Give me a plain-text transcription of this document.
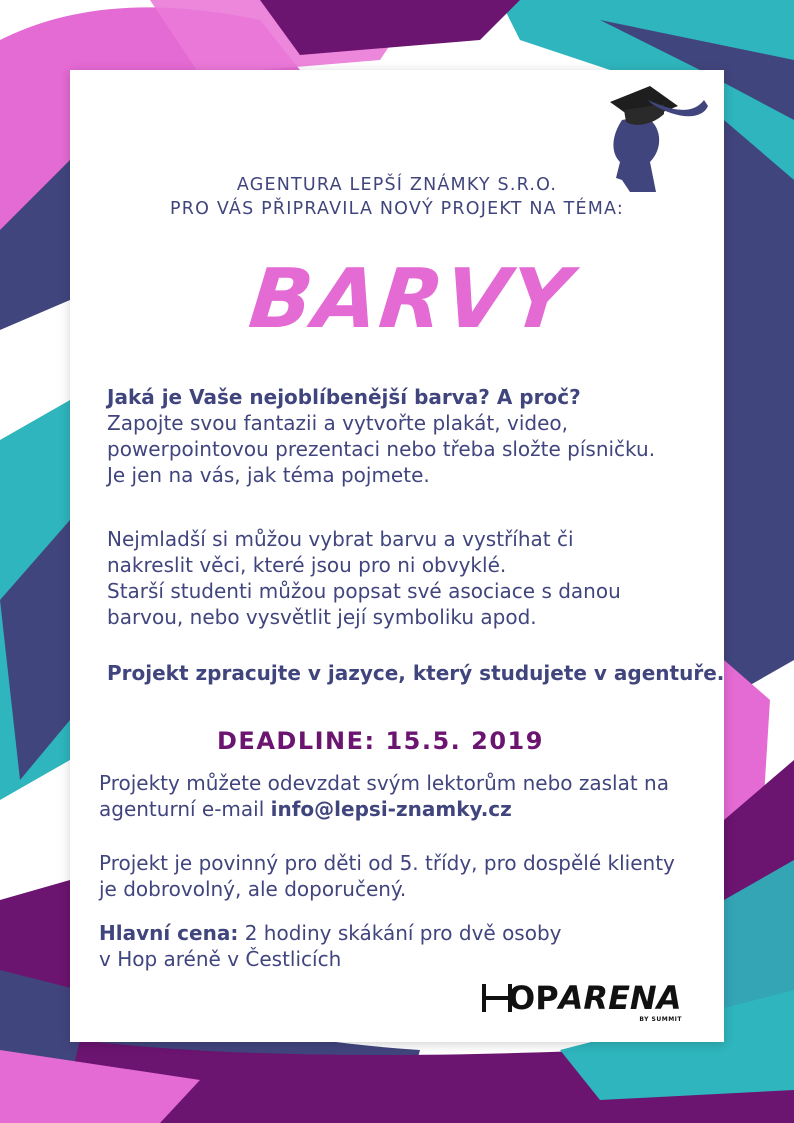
AGENTURA LEPŠÍ ZNÁMKY S.R.O.
PRO VÁS PŘIPRAVILA NOVÝ PROJEKT NA TÉMA:
BARVY

Jaká je Vaše nejoblíbenější barva? A proč?

Zapojte svou fantazii a vytvořte plakát, video,

powerpointovou prezentaci nebo třeba složte písničku.

Je jen na vás, jak téma pojmete.

Nejmladší si můžou vybrat barvu a vystříhat či

nakreslit věci, které jsou pro ni obvyklé.

Starší studenti můžou popsat své asociace s danou

barvou, nebo vysvětlit její symboliku apod.

Projekt zpracujte v jazyce, který studujete v agentuře.

DEADLINE: 15.5. 2019

Projekty můžete odevzdat svým lektorům nebo zaslat na

agenturní e-mail info@lepsi-znamky.cz

Projekt je povinný pro děti od 5. třídy, pro dospělé klienty

je dobrovolný, ale doporučený.

Hlavní cena: 2 hodiny skákání pro dvě osoby

v Hop aréně v Čestlicích

OPARENA
BY SUMMIT
